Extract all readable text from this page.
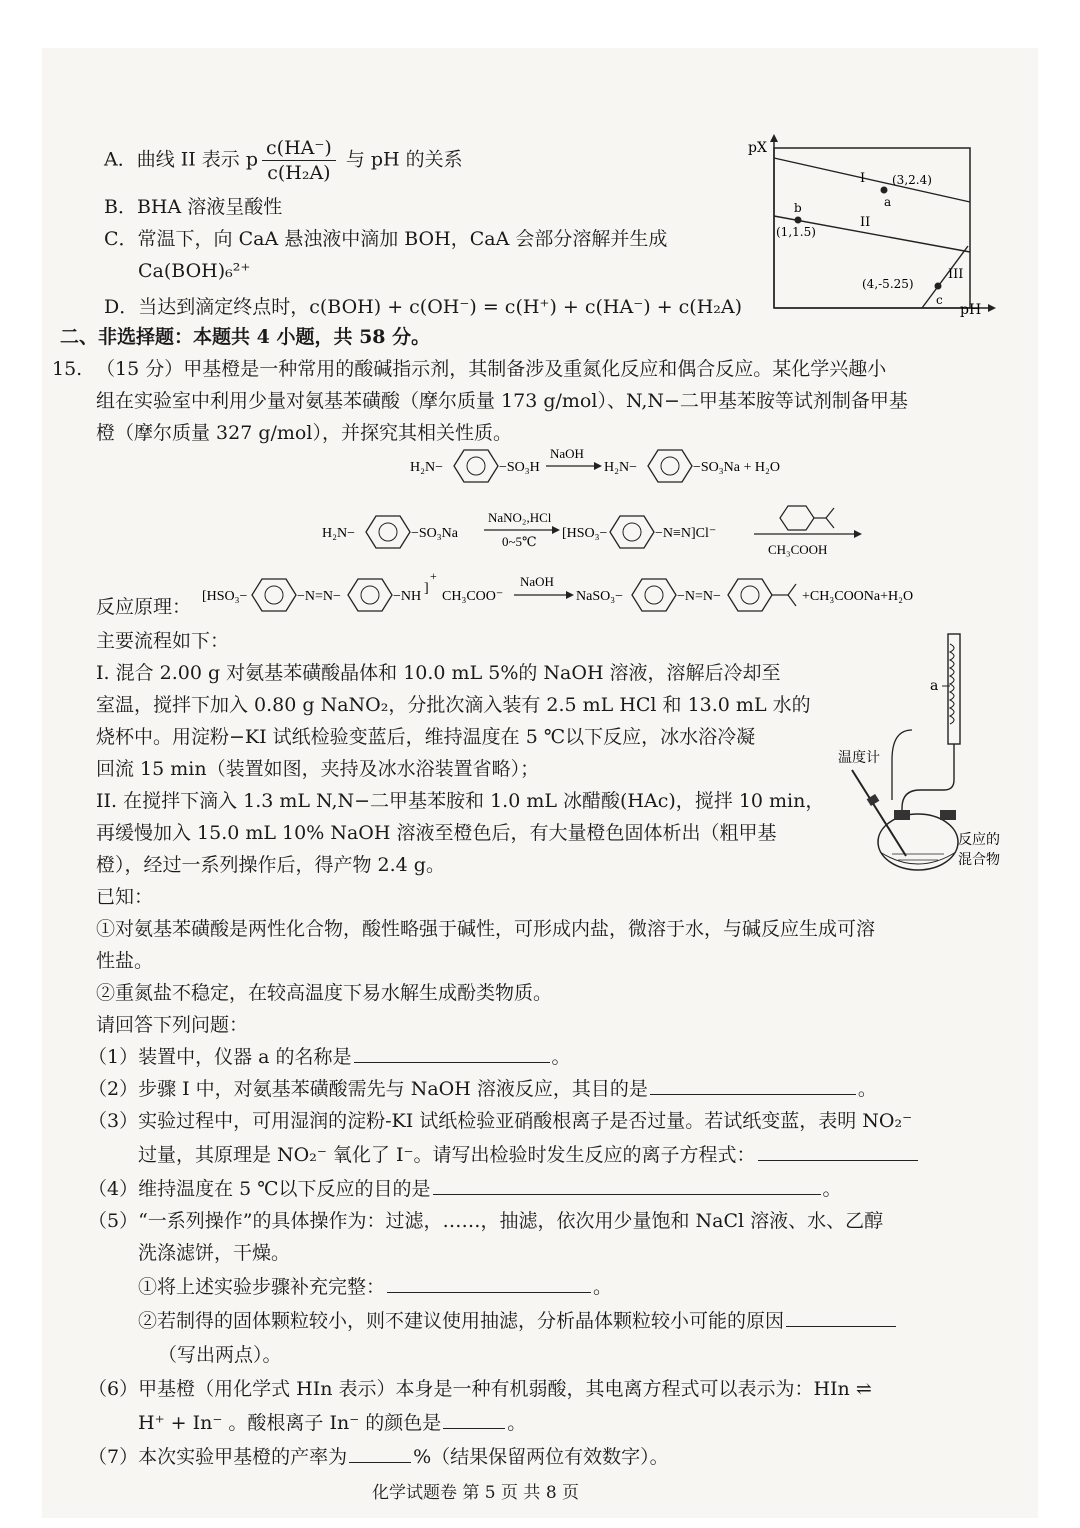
A．曲线 II 表示 p $\frac{c(HA^-)}{\text{c(H₂A)}}$ 与 pH 的关系
B．BHA 溶液呈酸性
C．常温下，向 CaA 悬浊液中滴加 BOH，CaA 会部分溶解并生成
Ca(BOH)₆²⁺
D．当达到滴定终点时，c(BOH) + c(OH⁻) = c(H⁺) + c(HA⁻) + c(H₂A)
pX
pH
I
a
(3,2.4)
II
b
(1,1.5)
III
c
(4,-5.25)
二、非选择题：本题共 4 小题，共 58 分。
15. （15 分）甲基橙是一种常用的酸碱指示剂，其制备涉及重氮化反应和偶合反应。某化学兴趣小
组在实验室中利用少量对氨基苯磺酸（摩尔质量 173 g/mol）、N,N−二甲基苯胺等试剂制备甲基
橙（摩尔质量 327 g/mol），并探究其相关性质。
H₂N−	−SO₃H
NaOH
H₂N−	−SO₃Na + H₂O
H₂N−	−SO₃Na
NaNO₂,HCl
0~5℃
[HSO₃−	−N≡N]Cl⁻
CH₃COOH
反应原理： [HSO₃−	−N=N−	−NH
]
+
CH₃COO⁻
NaOH
NaSO₃−	−N=N−	+CH₃COONa+H₂O
主要流程如下：
I. 混合 2.00 g 对氨基苯磺酸晶体和 10.0 mL 5%的 NaOH 溶液，溶解后冷却至
室温，搅拌下加入 0.80 g NaNO₂，分批次滴入装有 2.5 mL HCl 和 13.0 mL 水的
烧杯中。用淀粉−KI 试纸检验变蓝后，维持温度在 5 ℃以下反应，冰水浴冷凝
回流 15 min（装置如图，夹持及冰水浴装置省略）；
II. 在搅拌下滴入 1.3 mL N,N−二甲基苯胺和 1.0 mL 冰醋酸(HAc)，搅拌 10 min，
再缓慢加入 15.0 mL 10% NaOH 溶液至橙色后，有大量橙色固体析出（粗甲基
橙），经过一系列操作后，得产物 2.4 g。
a
温度计
反应的
混合物
已知：
①对氨基苯磺酸是两性化合物，酸性略强于碱性，可形成内盐，微溶于水，与碱反应生成可溶
性盐。
②重氮盐不稳定，在较高温度下易水解生成酚类物质。
请回答下列问题：
（1）装置中，仪器 a 的名称是	。
（2）步骤 I 中，对氨基苯磺酸需先与 NaOH 溶液反应，其目的是	。
（3）实验过程中，可用湿润的淀粉-KI 试纸检验亚硝酸根离子是否过量。若试纸变蓝，表明 NO₂⁻
过量，其原理是 NO₂⁻ 氧化了 I⁻。请写出检验时发生反应的离子方程式：
（4）维持温度在 5 ℃以下反应的目的是	。
（5）“一系列操作”的具体操作为：过滤，……，抽滤，依次用少量饱和 NaCl 溶液、水、乙醇
洗涤滤饼，干燥。
①将上述实验步骤补充完整：	。
②若制得的固体颗粒较小，则不建议使用抽滤，分析晶体颗粒较小可能的原因
（写出两点）。
（6）甲基橙（用化学式 HIn 表示）本身是一种有机弱酸，其电离方程式可以表示为：HIn ⇌
H⁺ + In⁻ 。酸根离子 In⁻ 的颜色是	。
（7）本次实验甲基橙的产率为	%（结果保留两位有效数字）。
化学试题卷 第 5 页 共 8 页
